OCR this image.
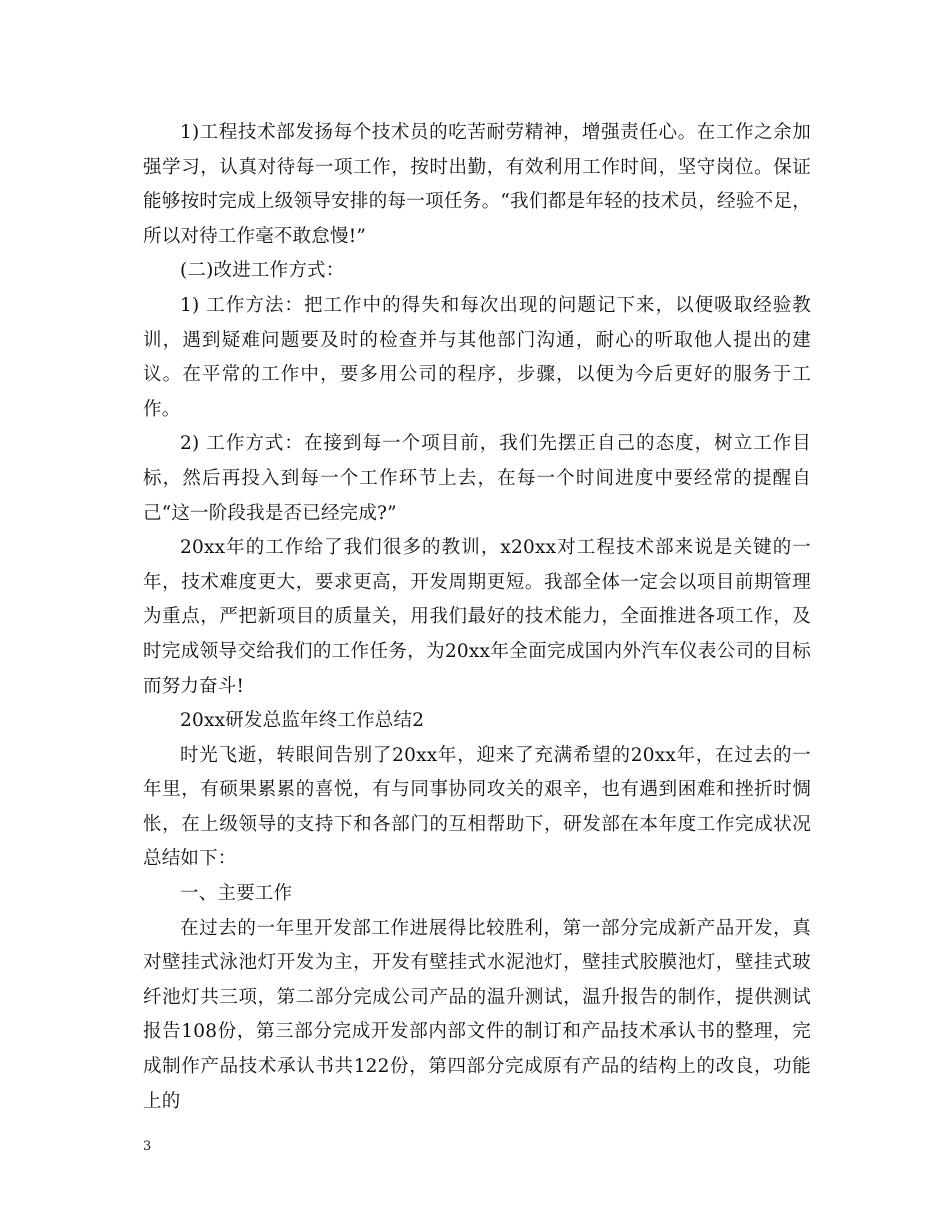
1)工程技术部发扬每个技术员的吃苦耐劳精神，增强责任心。在工作之余加强学习，认真对待每一项工作，按时出勤，有效利用工作时间，坚守岗位。保证能够按时完成上级领导安排的每一项任务。“我们都是年轻的技术员，经验不足，所以对待工作毫不敢怠慢!”

(二)改进工作方式：

1) 工作方法：把工作中的得失和每次出现的问题记下来，以便吸取经验教训，遇到疑难问题要及时的检查并与其他部门沟通，耐心的听取他人提出的建议。在平常的工作中，要多用公司的程序，步骤，以便为今后更好的服务于工作。

2) 工作方式：在接到每一个项目前，我们先摆正自己的态度，树立工作目标，然后再投入到每一个工作环节上去，在每一个时间进度中要经常的提醒自己“这一阶段我是否已经完成?”

20xx年的工作给了我们很多的教训，x20xx对工程技术部来说是关键的一年，技术难度更大，要求更高，开发周期更短。我部全体一定会以项目前期管理为重点，严把新项目的质量关，用我们最好的技术能力，全面推进各项工作，及时完成领导交给我们的工作任务，为20xx年全面完成国内外汽车仪表公司的目标而努力奋斗!

20xx研发总监年终工作总结2

时光飞逝，转眼间告别了20xx年，迎来了充满希望的20xx年，在过去的一年里，有硕果累累的喜悦，有与同事协同攻关的艰辛，也有遇到困难和挫折时惆怅，在上级领导的支持下和各部门的互相帮助下，研发部在本年度工作完成状况总结如下：

一、主要工作

在过去的一年里开发部工作进展得比较胜利，第一部分完成新产品开发，真对壁挂式泳池灯开发为主，开发有壁挂式水泥池灯，壁挂式胶膜池灯，壁挂式玻纤池灯共三项，第二部分完成公司产品的温升测试，温升报告的制作，提供测试报告108份，第三部分完成开发部内部文件的制订和产品技术承认书的整理，完成制作产品技术承认书共122份，第四部分完成原有产品的结构上的改良，功能上的

3
